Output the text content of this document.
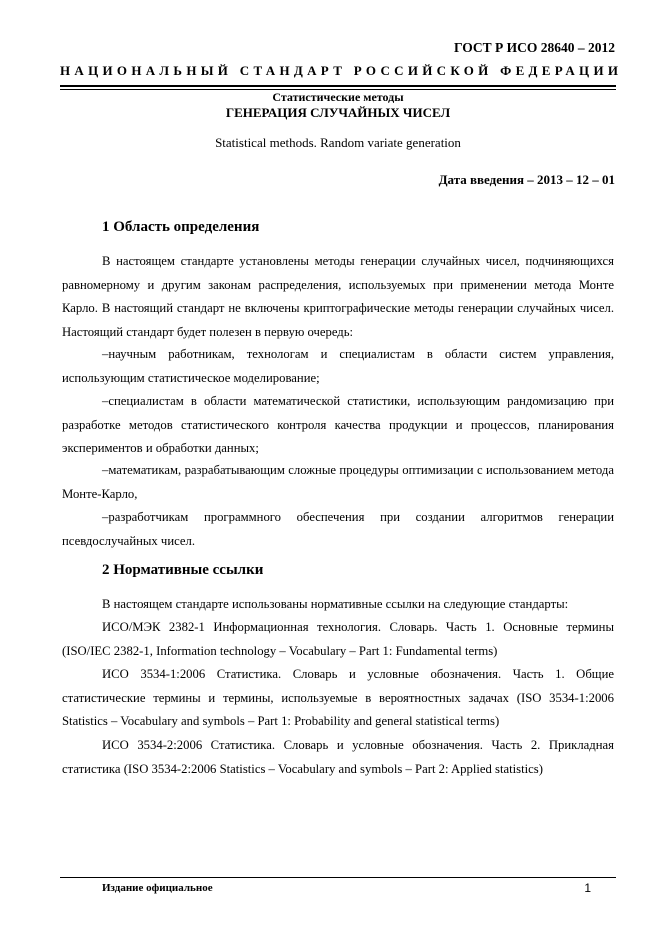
ГОСТ Р ИСО 28640 – 2012
НАЦИОНАЛЬНЫЙ СТАНДАРТ РОССИЙСКОЙ ФЕДЕРАЦИИ
Статистические методы
ГЕНЕРАЦИЯ СЛУЧАЙНЫХ ЧИСЕЛ
Statistical methods. Random variate generation
Дата введения – 2013 – 12 – 01
1 Область определения

В настоящем стандарте установлены методы генерации случайных чисел, подчиняющихся равномерному и другим законам распределения, используемых при применении метода Монте Карло. В настоящий стандарт не включены криптографические методы генерации случайных чисел. Настоящий стандарт будет полезен в первую очередь:

–научным работникам, технологам и специалистам в области систем управления, использующим статистическое моделирование;

–специалистам в области математической статистики, использующим рандомизацию при разработке методов статистического контроля качества продукции и процессов, планирования экспериментов и обработки данных;

–математикам, разрабатывающим сложные процедуры оптимизации с использованием метода Монте-Карло,

–разработчикам программного обеспечения при создании алгоритмов генерации псевдослучайных чисел.

2 Нормативные ссылки

В настоящем стандарте использованы нормативные ссылки на следующие стандарты:

ИСО/МЭК 2382-1 Информационная технология. Словарь. Часть 1. Основные термины (ISO/IEC 2382-1, Information technology – Vocabulary – Part 1: Fundamental terms)

ИСО 3534-1:2006 Статистика. Словарь и условные обозначения. Часть 1. Общие статистические термины и термины, используемые в вероятностных задачах (ISO 3534-1:2006 Statistics – Vocabulary and symbols – Part 1: Probability and general statistical terms)

ИСО 3534-2:2006 Статистика. Словарь и условные обозначения. Часть 2. Прикладная статистика (ISO 3534-2:2006 Statistics – Vocabulary and symbols – Part 2: Applied statistics)

Издание официальное	1
